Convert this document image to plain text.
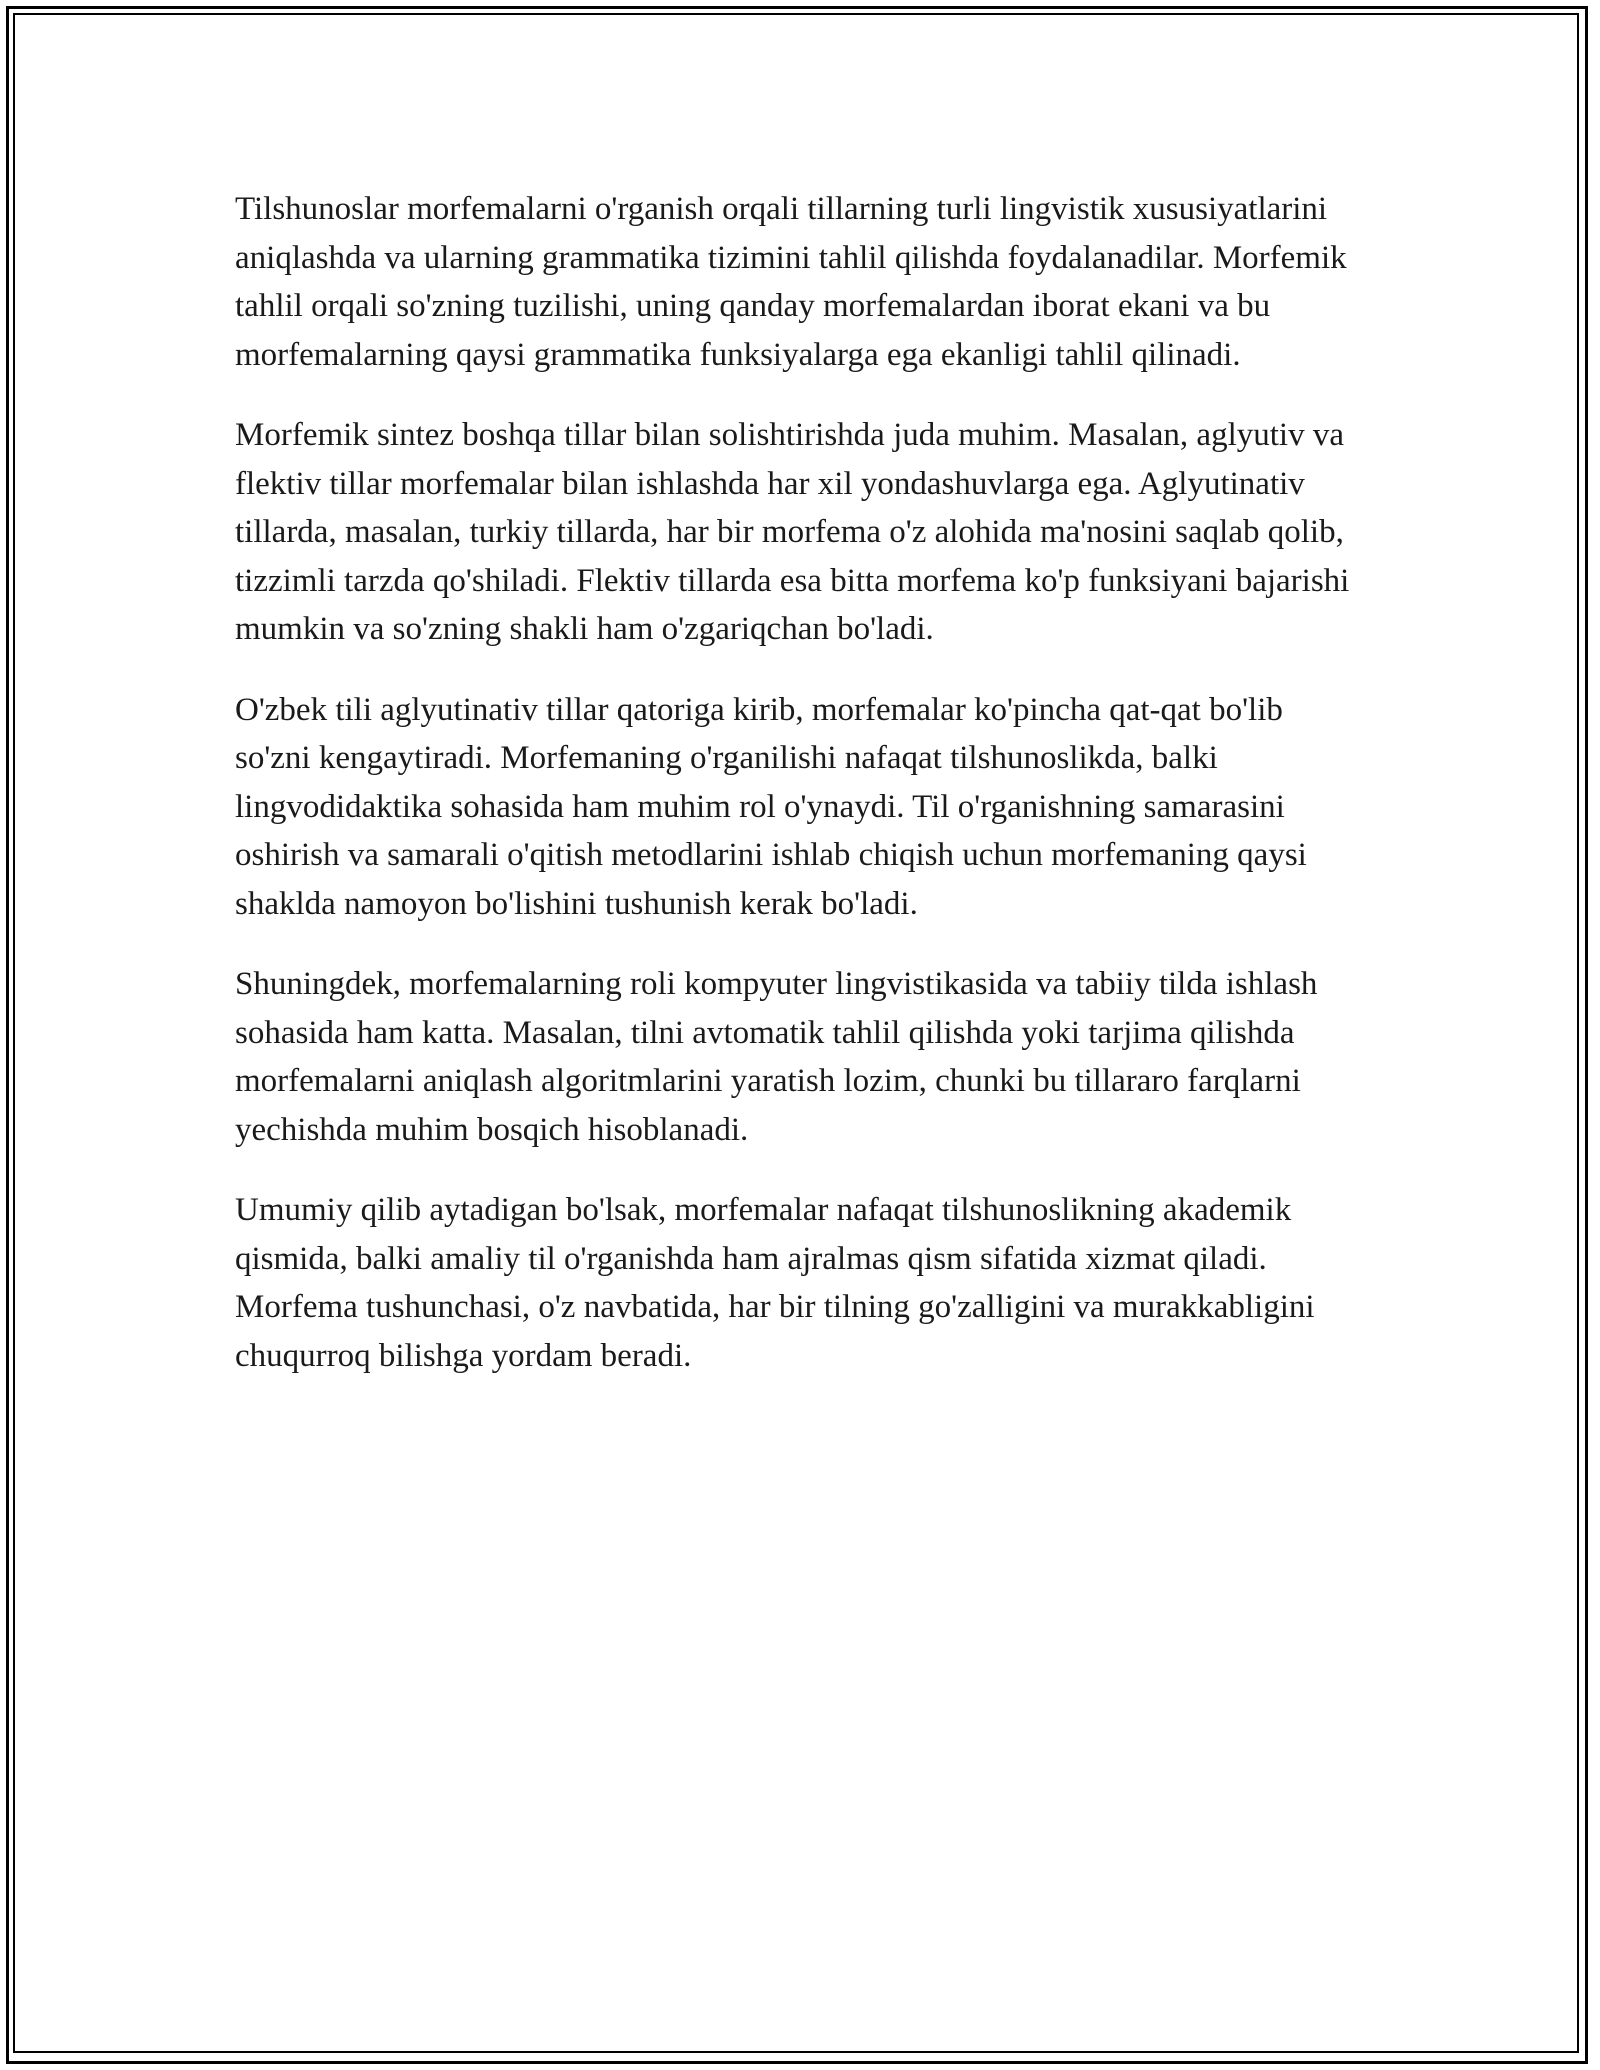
Tilshunoslar morfemalarni o'rganish orqali tillarning turli lingvistik xususiyatlarini aniqlashda va ularning grammatika tizimini tahlil qilishda foydalanadilar. Morfemik tahlil orqali so'zning tuzilishi, uning qanday morfemalardan iborat ekani va bu morfemalarning qaysi grammatika funksiyalarga ega ekanligi tahlil qilinadi.

Morfemik sintez boshqa tillar bilan solishtirishda juda muhim. Masalan, aglyutiv va flektiv tillar morfemalar bilan ishlashda har xil yondashuvlarga ega. Aglyutinativ tillarda, masalan, turkiy tillarda, har bir morfema o'z alohida ma'nosini saqlab qolib, tizzimli tarzda qo'shiladi. Flektiv tillarda esa bitta morfema ko'p funksiyani bajarishi mumkin va so'zning shakli ham o'zgariqchan bo'ladi.

O'zbek tili aglyutinativ tillar qatoriga kirib, morfemalar ko'pincha qat-qat bo'lib so'zni kengaytiradi. Morfemaning o'rganilishi nafaqat tilshunoslikda, balki lingvodidaktika sohasida ham muhim rol o'ynaydi. Til o'rganishning samarasini oshirish va samarali o'qitish metodlarini ishlab chiqish uchun morfemaning qaysi shaklda namoyon bo'lishini tushunish kerak bo'ladi.

Shuningdek, morfemalarning roli kompyuter lingvistikasida va tabiiy tilda ishlash sohasida ham katta. Masalan, tilni avtomatik tahlil qilishda yoki tarjima qilishda morfemalarni aniqlash algoritmlarini yaratish lozim, chunki bu tillararo farqlarni yechishda muhim bosqich hisoblanadi.

Umumiy qilib aytadigan bo'lsak, morfemalar nafaqat tilshunoslikning akademik qismida, balki amaliy til o'rganishda ham ajralmas qism sifatida xizmat qiladi. Morfema tushunchasi, o'z navbatida, har bir tilning go'zalligini va murakkabligini chuqurroq bilishga yordam beradi.
